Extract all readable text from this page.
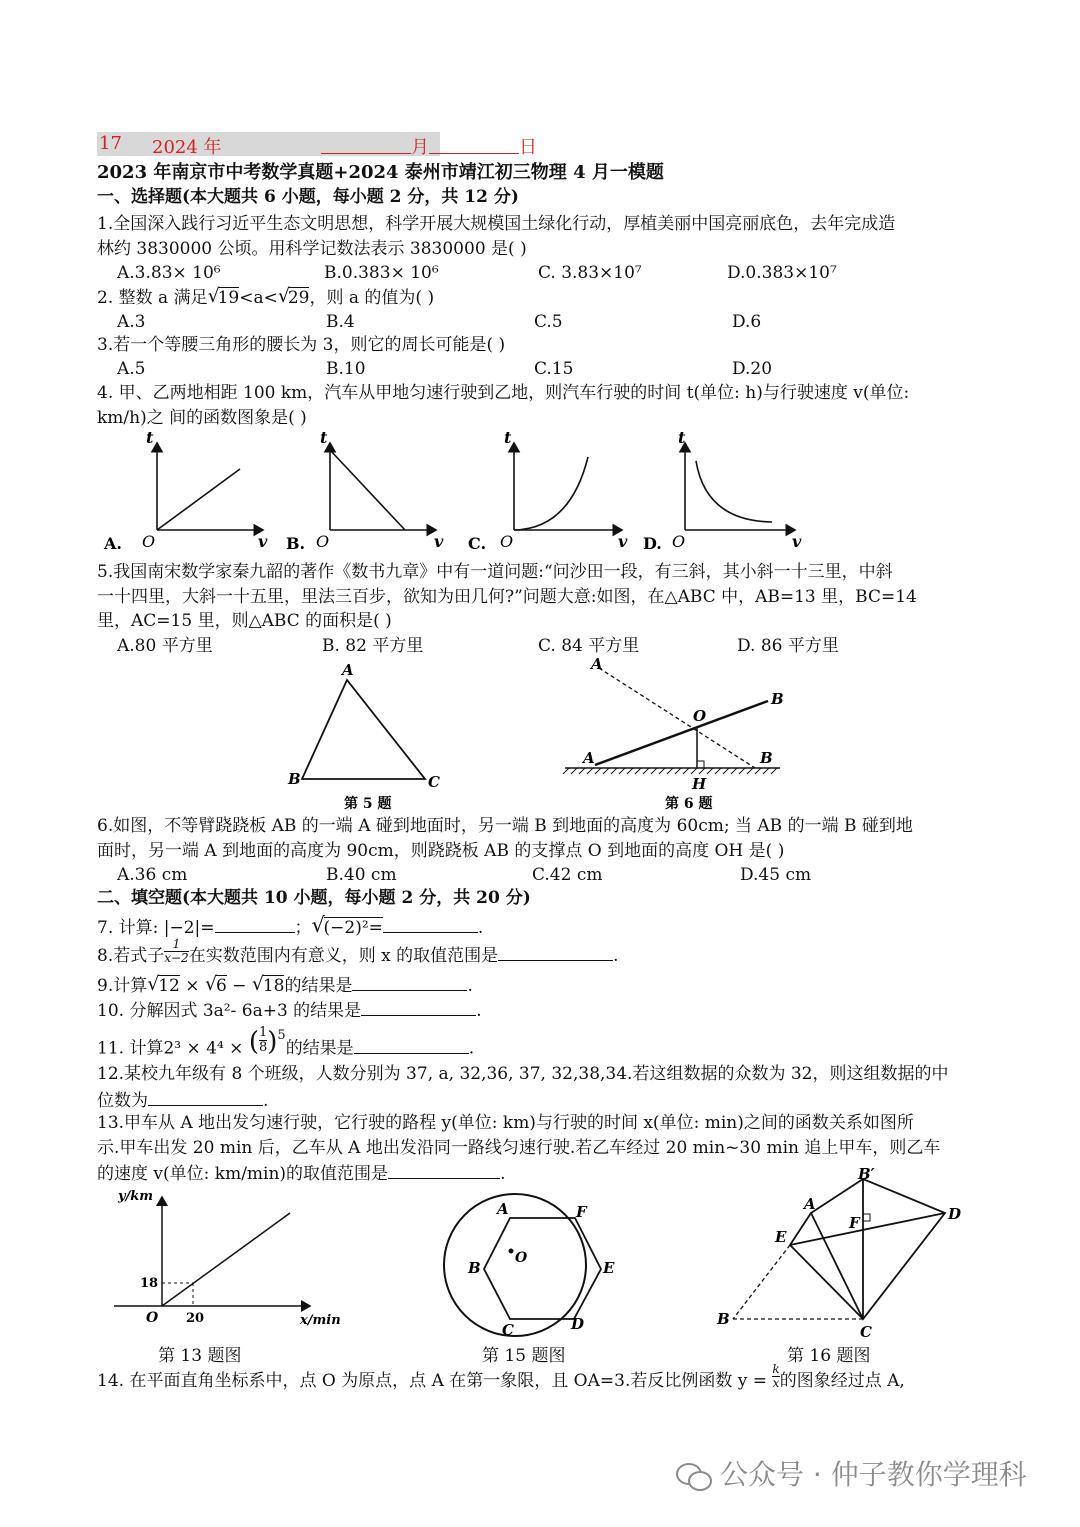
17 2024 年	月	日
2023 年南京市中考数学真题+2024 泰州市靖江初三物理 4 月一模题
一、选择题(本大题共 6 小题，每小题 2 分，共 12 分)
1.全国深入践行习近平生态文明思想，科学开展大规模国土绿化行动，厚植美丽中国亮丽底色，去年完成造
林约 3830000 公顷。用科学记数法表示 3830000 是( )
A.3.83× 10⁶	B.0.383× 10⁶	C. 3.83×10⁷	D.0.383×10⁷
2. 整数 a 满足 √
19<a< √
29，则 a 的值为( )
A.3	B.4	C.5	D.6
3.若一个等腰三角形的腰长为 3，则它的周长可能是( )
A.5	B.10	C.15	D.20
4. 甲、乙两地相距 100 km，汽车从甲地匀速行驶到乙地，则汽车行驶的时间 t(单位: h)与行驶速度 v(单位:
km/h)之 间的函数图象是( )
A. O
t
v B. O
t
v C. O
t
v D. O
t
v
5.我国南宋数学家秦九韶的著作《数书九章》中有一道问题:“问沙田一段，有三斜，其小斜一十三里，中斜
一十四里，大斜一十五里，里法三百步，欲知为田几何?”问题大意:如图，在△ABC 中，AB=13 里，BC=14
里，AC=15 里，则△ABC 的面积是( )
A.80 平方里	B. 82 平方里	C. 84 平方里	D. 86 平方里
A
B	C
第 5 题
A
B
O
A	B
H
第 6 题
6.如图，不等臂跷跷板 AB 的一端 A 碰到地面时，另一端 B 到地面的高度为 60cm; 当 AB 的一端 B 碰到地
面时，另一端 A 到地面的高度为 90cm，则跷跷板 AB 的支撑点 O 到地面的高度 OH 是( )
A.36 cm	B.40 cm	C.42 cm	D.45 cm
二、填空题(本大题共 10 小题，每小题 2 分，共 20 分)
7. 计算: |−2|=	； √
(−2)²=	.
8.若式子 $\frac{1}{x-2}$ 在实数范围内有意义，则 x 的取值范围是	.
9.计算 √
12 × √
6 − √
18的结果是	.
10. 分解因式 3a²- 6a+3 的结果是	.
11. 计算2³ × 4⁴ × ( $\frac{1}{8} )^5$的结果是	.
12.某校九年级有 8 个班级，人数分别为 37, a, 32,36, 37, 32,38,34.若这组数据的众数为 32，则这组数据的中
位数为	.
13.甲车从 A 地出发匀速行驶，它行驶的路程 y(单位: km)与行驶的时间 x(单位: min)之间的函数关系如图所
示.甲车出发 20 min 后，乙车从 A 地出发沿同一路线匀速行驶.若乙车经过 20 min~30 min 追上甲车，则乙车
的速度 v(单位: km/min)的取值范围是	.
y/km
x/min
O
18
20
第 13 题图
A	F
O
B	E
C	D
第 15 题图
B′
A
D
F
E
B
C
第 16 题图
14. 在平面直角坐标系中，点 O 为原点，点 A 在第一象限，且 OA=3.若反比例函数 $y = \frac{k}{x}$ 的图象经过点 A,
公众号 · 仲子教你学理科
